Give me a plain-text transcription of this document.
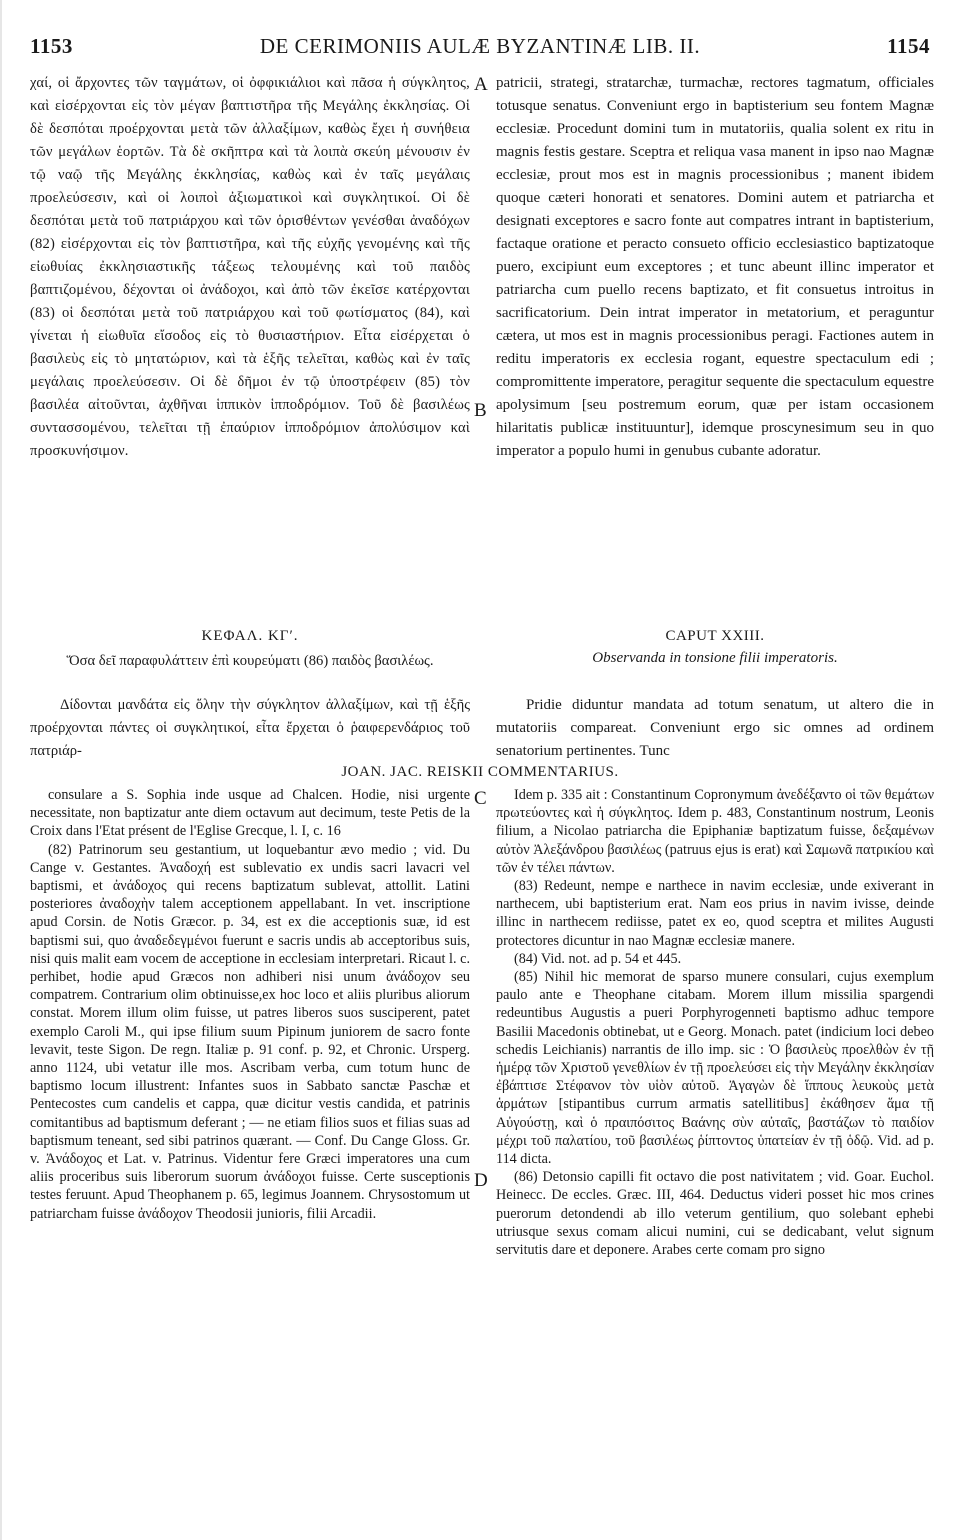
1153	DE CERIMONIIS AULÆ BYZANTINÆ LIB. II.	1154

χαί, οἱ ἄρχοντες τῶν ταγμάτων, οἱ ὀφφικιάλιοι καὶ πᾶσα ἡ σύγκλητος, καὶ εἰσέρχονται εἰς τὸν μέγαν βαπτιστῆρα τῆς Μεγάλης ἐκκλησίας. Οἱ δὲ δεσπόται προέρχονται μετὰ τῶν ἀλλαξίμων, καθὼς ἔχει ἡ συνήθεια τῶν μεγάλων ἑορτῶν. Τὰ δὲ σκῆπτρα καὶ τὰ λοιπὰ σκεύη μένουσιν ἐν τῷ ναῷ τῆς Μεγάλης ἐκκλησίας, καθὼς καὶ ἐν ταῖς μεγάλαις προελεύσεσιν, καὶ οἱ λοιποὶ ἀξιωματικοὶ καὶ συγκλητικοί. Οἱ δὲ δεσπόται μετὰ τοῦ πατριάρχου καὶ τῶν ὁρισθέντων γενέσθαι ἀναδόχων (82) εἰσέρχονται εἰς τὸν βαπτιστῆρα, καὶ τῆς εὐχῆς γενομένης καὶ τῆς εἰωθυίας ἐκκλησιαστικῆς τάξεως τελουμένης καὶ τοῦ παιδὸς βαπτιζομένου, δέχονται οἱ ἀνάδοχοι, καὶ ἀπὸ τῶν ἐκεῖσε κατέρχονται (83) οἱ δεσπόται μετὰ τοῦ πατριάρχου καὶ τοῦ φωτίσματος (84), καὶ γίνεται ἡ εἰωθυῖα εἴσοδος εἰς τὸ θυσιαστήριον. Εἶτα εἰσέρχεται ὁ βασιλεὺς εἰς τὸ μητατώριον, καὶ τὰ ἑξῆς τελεῖται, καθὼς καὶ ἐν ταῖς μεγάλαις προελεύσεσιν. Οἱ δὲ δῆμοι ἐν τῷ ὑποστρέφειν (85) τὸν βασιλέα αἰτοῦνται, ἀχθῆναι ἱππικὸν ἱπποδρόμιον. Τοῦ δὲ βασιλέως συντασσομένου, τελεῖται τῇ ἐπαύριον ἱπποδρόμιον ἀπολύσιμον καὶ προσκυνήσιμον.

patricii, strategi, stratarchæ, turmachæ, rectores tagmatum, officiales totusque senatus. Conveniunt ergo in baptisterium seu fontem Magnæ ecclesiæ. Procedunt domini tum in mutatoriis, qualia solent ex ritu in magnis festis gestare. Sceptra et reliqua vasa manent in ipso nao Magnæ ecclesiæ, prout mos est in magnis processionibus ; manent ibidem quoque cæteri honorati et senatores. Domini autem et patriarcha et designati exceptores e sacro fonte aut compatres intrant in baptisterium, factaque oratione et peracto consueto officio ecclesiastico baptizatoque puero, excipiunt eum exceptores ; et tunc abeunt illinc imperator et patriarcha cum puello recens baptizato, et fit consuetus introitus in sacrificatorium. Dein intrat imperator in metatorium, et peraguntur cætera, ut mos est in magnis processionibus peragi. Factiones autem in reditu imperatoris ex ecclesia rogant, equestre spectaculum edi ; compromittente imperatore, peragitur sequente die spectaculum equestre apolysimum [seu postremum eorum, quæ per istam occasionem hilaritatis publicæ instituuntur], idemque proscynesimum seu in quo imperator a populo humi in genubus cubante adoratur.

A
B
ΚΕΦΑΛ. ΚΓʹ.	CAPUT XXIII.
Ὅσα δεῖ παραφυλάττειν ἐπὶ κουρεύματι (86) παιδὸς βασιλέως.	Observanda in tonsione filii imperatoris.
Δίδονται μανδάτα εἰς ὅλην τὴν σύγκλητον ἀλλαξίμων, καὶ τῇ ἑξῆς προέρχονται πάντες οἱ συγκλητικοί, εἶτα ἔρχεται ὁ ῥαιφερενδάριος τοῦ πατριάρ-
Pridie diduntur mandata ad totum senatum, ut altero die in mutatoriis compareat. Conveniunt ergo sic omnes ad ordinem senatorium pertinentes. Tunc
JOAN. JAC. REISKII COMMENTARIUS.
C
D

consulare a S. Sophia inde usque ad Chalcen. Hodie, nisi urgente necessitate, non baptizatur ante diem octavum aut decimum, teste Petis de la Croix dans l'Etat présent de l'Eglise Grecque, l. I, c. 16

(82) Patrinorum seu gestantium, ut loquebantur ævo medio ; vid. Du Cange v. Gestantes. Ἀναδοχή est sublevatio ex undis sacri lavacri vel baptismi, et ἀνάδοχος qui recens baptizatum sublevat, attollit. Latini posteriores ἀναδοχὴν talem acceptionem appellabant. In vet. inscriptione apud Corsin. de Notis Græcor. p. 34, est ex die acceptionis suæ, id est baptismi sui, quo ἀναδεδεγμένοι fuerunt e sacris undis ab acceptoribus suis, nisi quis malit eam vocem de acceptione in ecclesiam interpretari. Ricaut l. c. perhibet, hodie apud Græcos non adhiberi nisi unum ἀνάδοχον seu compatrem. Contrarium olim obtinuisse,ex hoc loco et aliis pluribus aliorum constat. Morem illum olim fuisse, ut patres liberos suos susciperent, patet exemplo Caroli M., qui ipse filium suum Pipinum juniorem de sacro fonte levavit, teste Sigon. De regn. Italiæ p. 91 conf. p. 92, et Chronic. Ursperg. anno 1124, ubi vetatur ille mos. Ascribam verba, cum totum hunc de baptismo locum illustrent: Infantes suos in Sabbato sanctæ Paschæ et Pentecostes cum candelis et cappa, quæ dicitur vestis candida, et patrinis comitantibus ad baptismum deferant ; — ne etiam filios suos et filias suas ad baptismum teneant, sed sibi patrinos quærant. — Conf. Du Cange Gloss. Gr. v. Ἀνάδοχος et Lat. v. Patrinus. Videntur fere Græci imperatores una cum aliis proceribus suis liberorum suorum ἀνάδοχοι fuisse. Certe susceptionis testes feruunt. Apud Theophanem p. 65, legimus Joannem. Chrysostomum ut patriarcham fuisse ἀνάδοχον Theodosii junioris, filii Arcadii.

Idem p. 335 ait : Constantinum Copronymum ἀνεδέξαντο οἱ τῶν θεμάτων πρωτεύοντες καὶ ἡ σύγκλητος. Idem p. 483, Constantinum nostrum, Leonis filium, a Nicolao patriarcha die Epiphaniæ baptizatum fuisse, δεξαμένων αὐτὸν Ἀλεξάνδρου βασιλέως (patruus ejus is erat) καὶ Σαμωνᾶ πατρικίου καὶ τῶν ἐν τέλει πάντων.

(83) Redeunt, nempe e narthece in navim ecclesiæ, unde exiverant in narthecem, ubi baptisterium erat. Nam eos prius in navim ivisse, deinde illinc in narthecem rediisse, patet ex eo, quod sceptra et milites Augusti protectores dicuntur in nao Magnæ ecclesiæ manere.

(84) Vid. not. ad p. 54 et 445.

(85) Nihil hic memorat de sparso munere consulari, cujus exemplum paulo ante e Theophane citabam. Morem illum missilia spargendi redeuntibus Augustis a pueri Porphyrogenneti baptismo adhuc tempore Basilii Macedonis obtinebat, ut e Georg. Monach. patet (indicium loci debeo schedis Leichianis) narrantis de illo imp. sic : Ὁ βασιλεὺς προελθὼν ἐν τῇ ἡμέρᾳ τῶν Χριστοῦ γενεθλίων ἐν τῇ προελεύσει εἰς τὴν Μεγάλην ἐκκλησίαν ἐβάπτισε Στέφανον τὸν υἱὸν αὐτοῦ. Ἀγαγὼν δὲ ἵππους λευκοὺς μετὰ ἁρμάτων [stipantibus currum armatis satellitibus] ἐκάθησεν ἅμα τῇ Αὐγούστῃ, καὶ ὁ πραιπόσιτος Βαάνης σὺν αὐταῖς, βαστάζων τὸ παιδίον μέχρι τοῦ παλατίου, τοῦ βασιλέως ῥίπτοντος ὑπατείαν ἐν τῇ ὁδῷ. Vid. ad p. 114 dicta.

(86) Detonsio capilli fit octavo die post nativitatem ; vid. Goar. Euchol. Heinecc. De eccles. Græc. III, 464. Deductus videri posset hic mos crines puerorum detondendi ab illo veterum gentilium, quo solebant ephebi utriusque sexus comam alicui numini, cui se dedicabant, velut signum servitutis dare et deponere. Arabes certe comam pro signo
